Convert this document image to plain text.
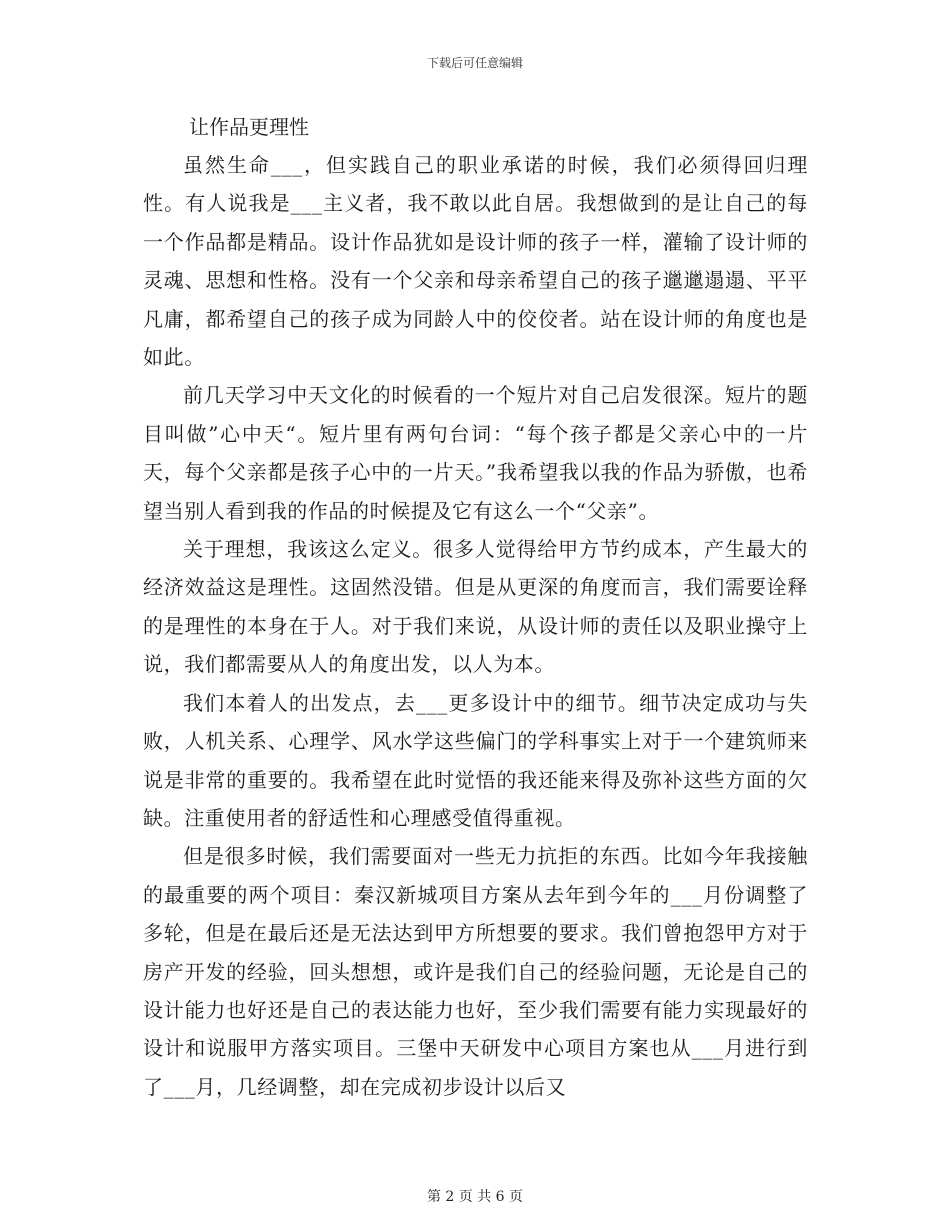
下载后可任意编辑
让作品更理性

虽然生命___，但实践自己的职业承诺的时候，我们必须得回归理性。有人说我是___主义者，我不敢以此自居。我想做到的是让自己的每一个作品都是精品。设计作品犹如是设计师的孩子一样，灌输了设计师的灵魂、思想和性格。没有一个父亲和母亲希望自己的孩子邋邋遢遢、平平凡庸，都希望自己的孩子成为同龄人中的佼佼者。站在设计师的角度也是如此。

前几天学习中天文化的时候看的一个短片对自己启发很深。短片的题目叫做”心中天“。短片里有两句台词：“每个孩子都是父亲心中的一片天，每个父亲都是孩子心中的一片天。”我希望我以我的作品为骄傲，也希望当别人看到我的作品的时候提及它有这么一个“父亲”。

关于理想，我该这么定义。很多人觉得给甲方节约成本，产生最大的经济效益这是理性。这固然没错。但是从更深的角度而言，我们需要诠释的是理性的本身在于人。对于我们来说，从设计师的责任以及职业操守上说，我们都需要从人的角度出发，以人为本。

我们本着人的出发点，去___更多设计中的细节。细节决定成功与失败，人机关系、心理学、风水学这些偏门的学科事实上对于一个建筑师来说是非常的重要的。我希望在此时觉悟的我还能来得及弥补这些方面的欠缺。注重使用者的舒适性和心理感受值得重视。

但是很多时候，我们需要面对一些无力抗拒的东西。比如今年我接触的最重要的两个项目：秦汉新城项目方案从去年到今年的___月份调整了多轮，但是在最后还是无法达到甲方所想要的要求。我们曾抱怨甲方对于房产开发的经验，回头想想，或许是我们自己的经验问题，无论是自己的设计能力也好还是自己的表达能力也好，至少我们需要有能力实现最好的设计和说服甲方落实项目。三堡中天研发中心项目方案也从___月进行到了___月，几经调整，却在完成初步设计以后又

第 2 页 共 6 页
